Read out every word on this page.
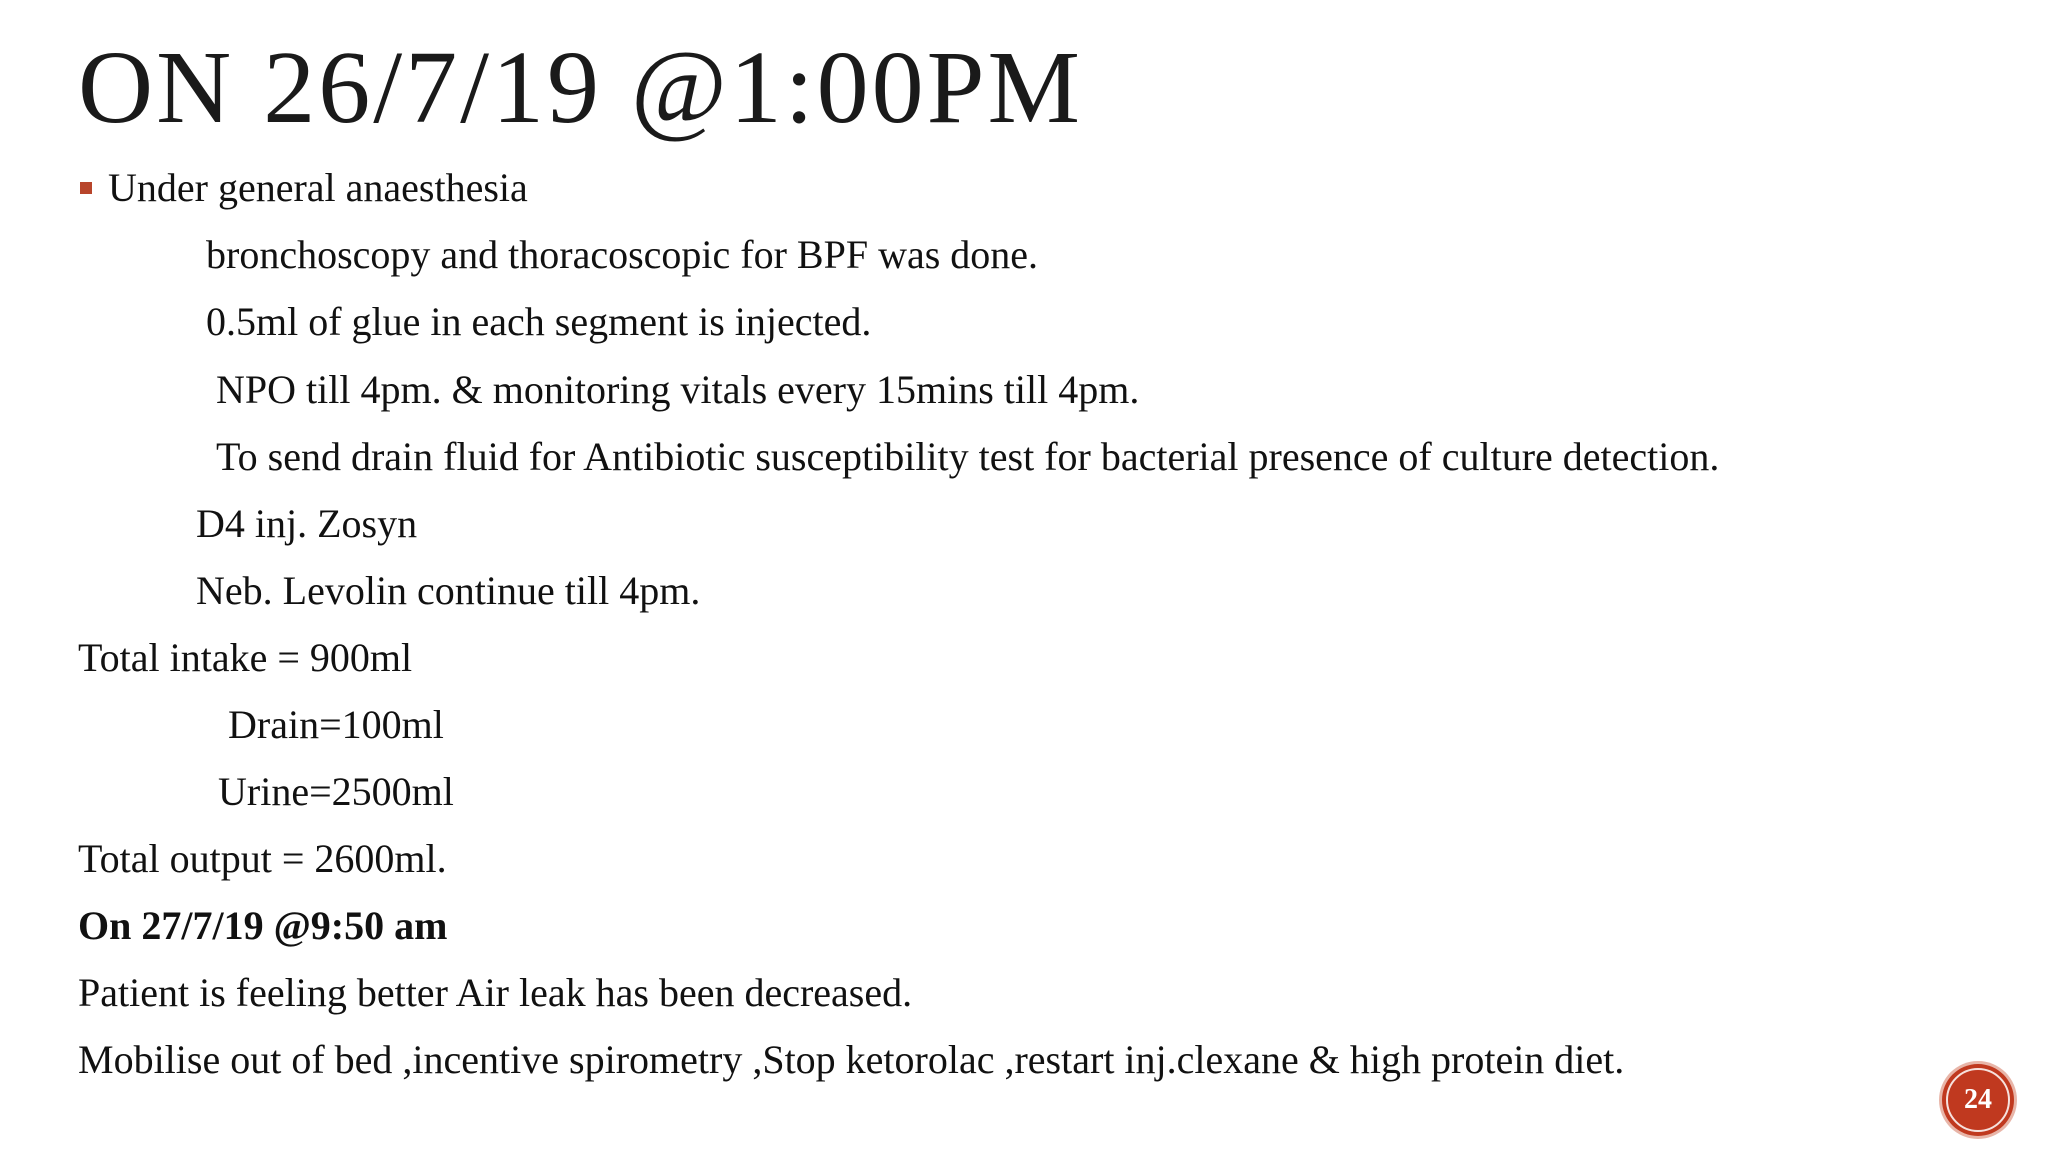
ON 26/7/19 @1:00PM
Under general anaesthesia
bronchoscopy and thoracoscopic for BPF was done.
0.5ml of glue in each segment is injected.
NPO till 4pm. & monitoring vitals every 15mins till 4pm.
To send drain fluid for Antibiotic susceptibility test for bacterial presence of culture detection.
D4 inj. Zosyn
Neb. Levolin continue till 4pm.
Total intake = 900ml
Drain=100ml
Urine=2500ml
Total output = 2600ml.
On 27/7/19 @9:50 am
Patient is feeling better Air leak has been decreased.
Mobilise out of bed ,incentive spirometry ,Stop ketorolac ,restart inj.clexane & high protein diet.
24
